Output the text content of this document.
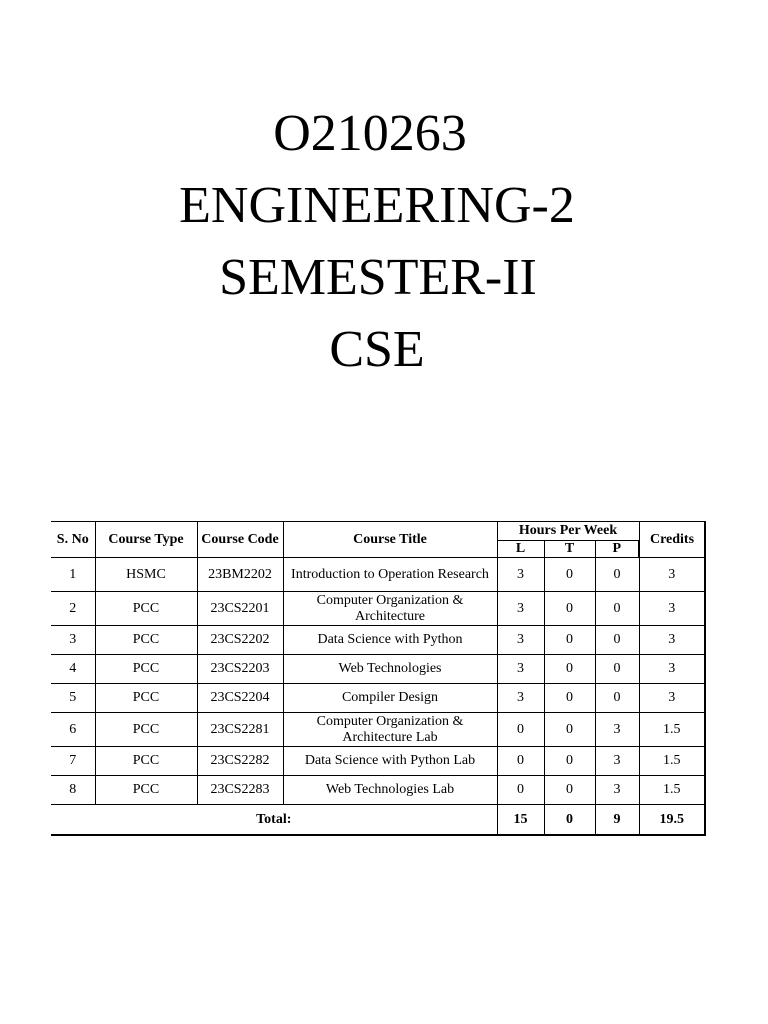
O210263
ENGINEERING-2
SEMESTER-II
CSE
S. No	Course Type	Course Code	Course Title	Hours Per Week			Credits
				L	T	P	
1	HSMC	23BM2202	Introduction to Operation Research	3	0	0	3
2	PCC	23CS2201	Computer Organization & Architecture	3	0	0	3
3	PCC	23CS2202	Data Science with Python	3	0	0	3
4	PCC	23CS2203	Web Technologies	3	0	0	3
5	PCC	23CS2204	Compiler Design	3	0	0	3
6	PCC	23CS2281	Computer Organization & Architecture Lab	0	0	3	1.5
7	PCC	23CS2282	Data Science with Python Lab	0	0	3	1.5
8	PCC	23CS2283	Web Technologies Lab	0	0	3	1.5
Total:				15	0	9	19.5
